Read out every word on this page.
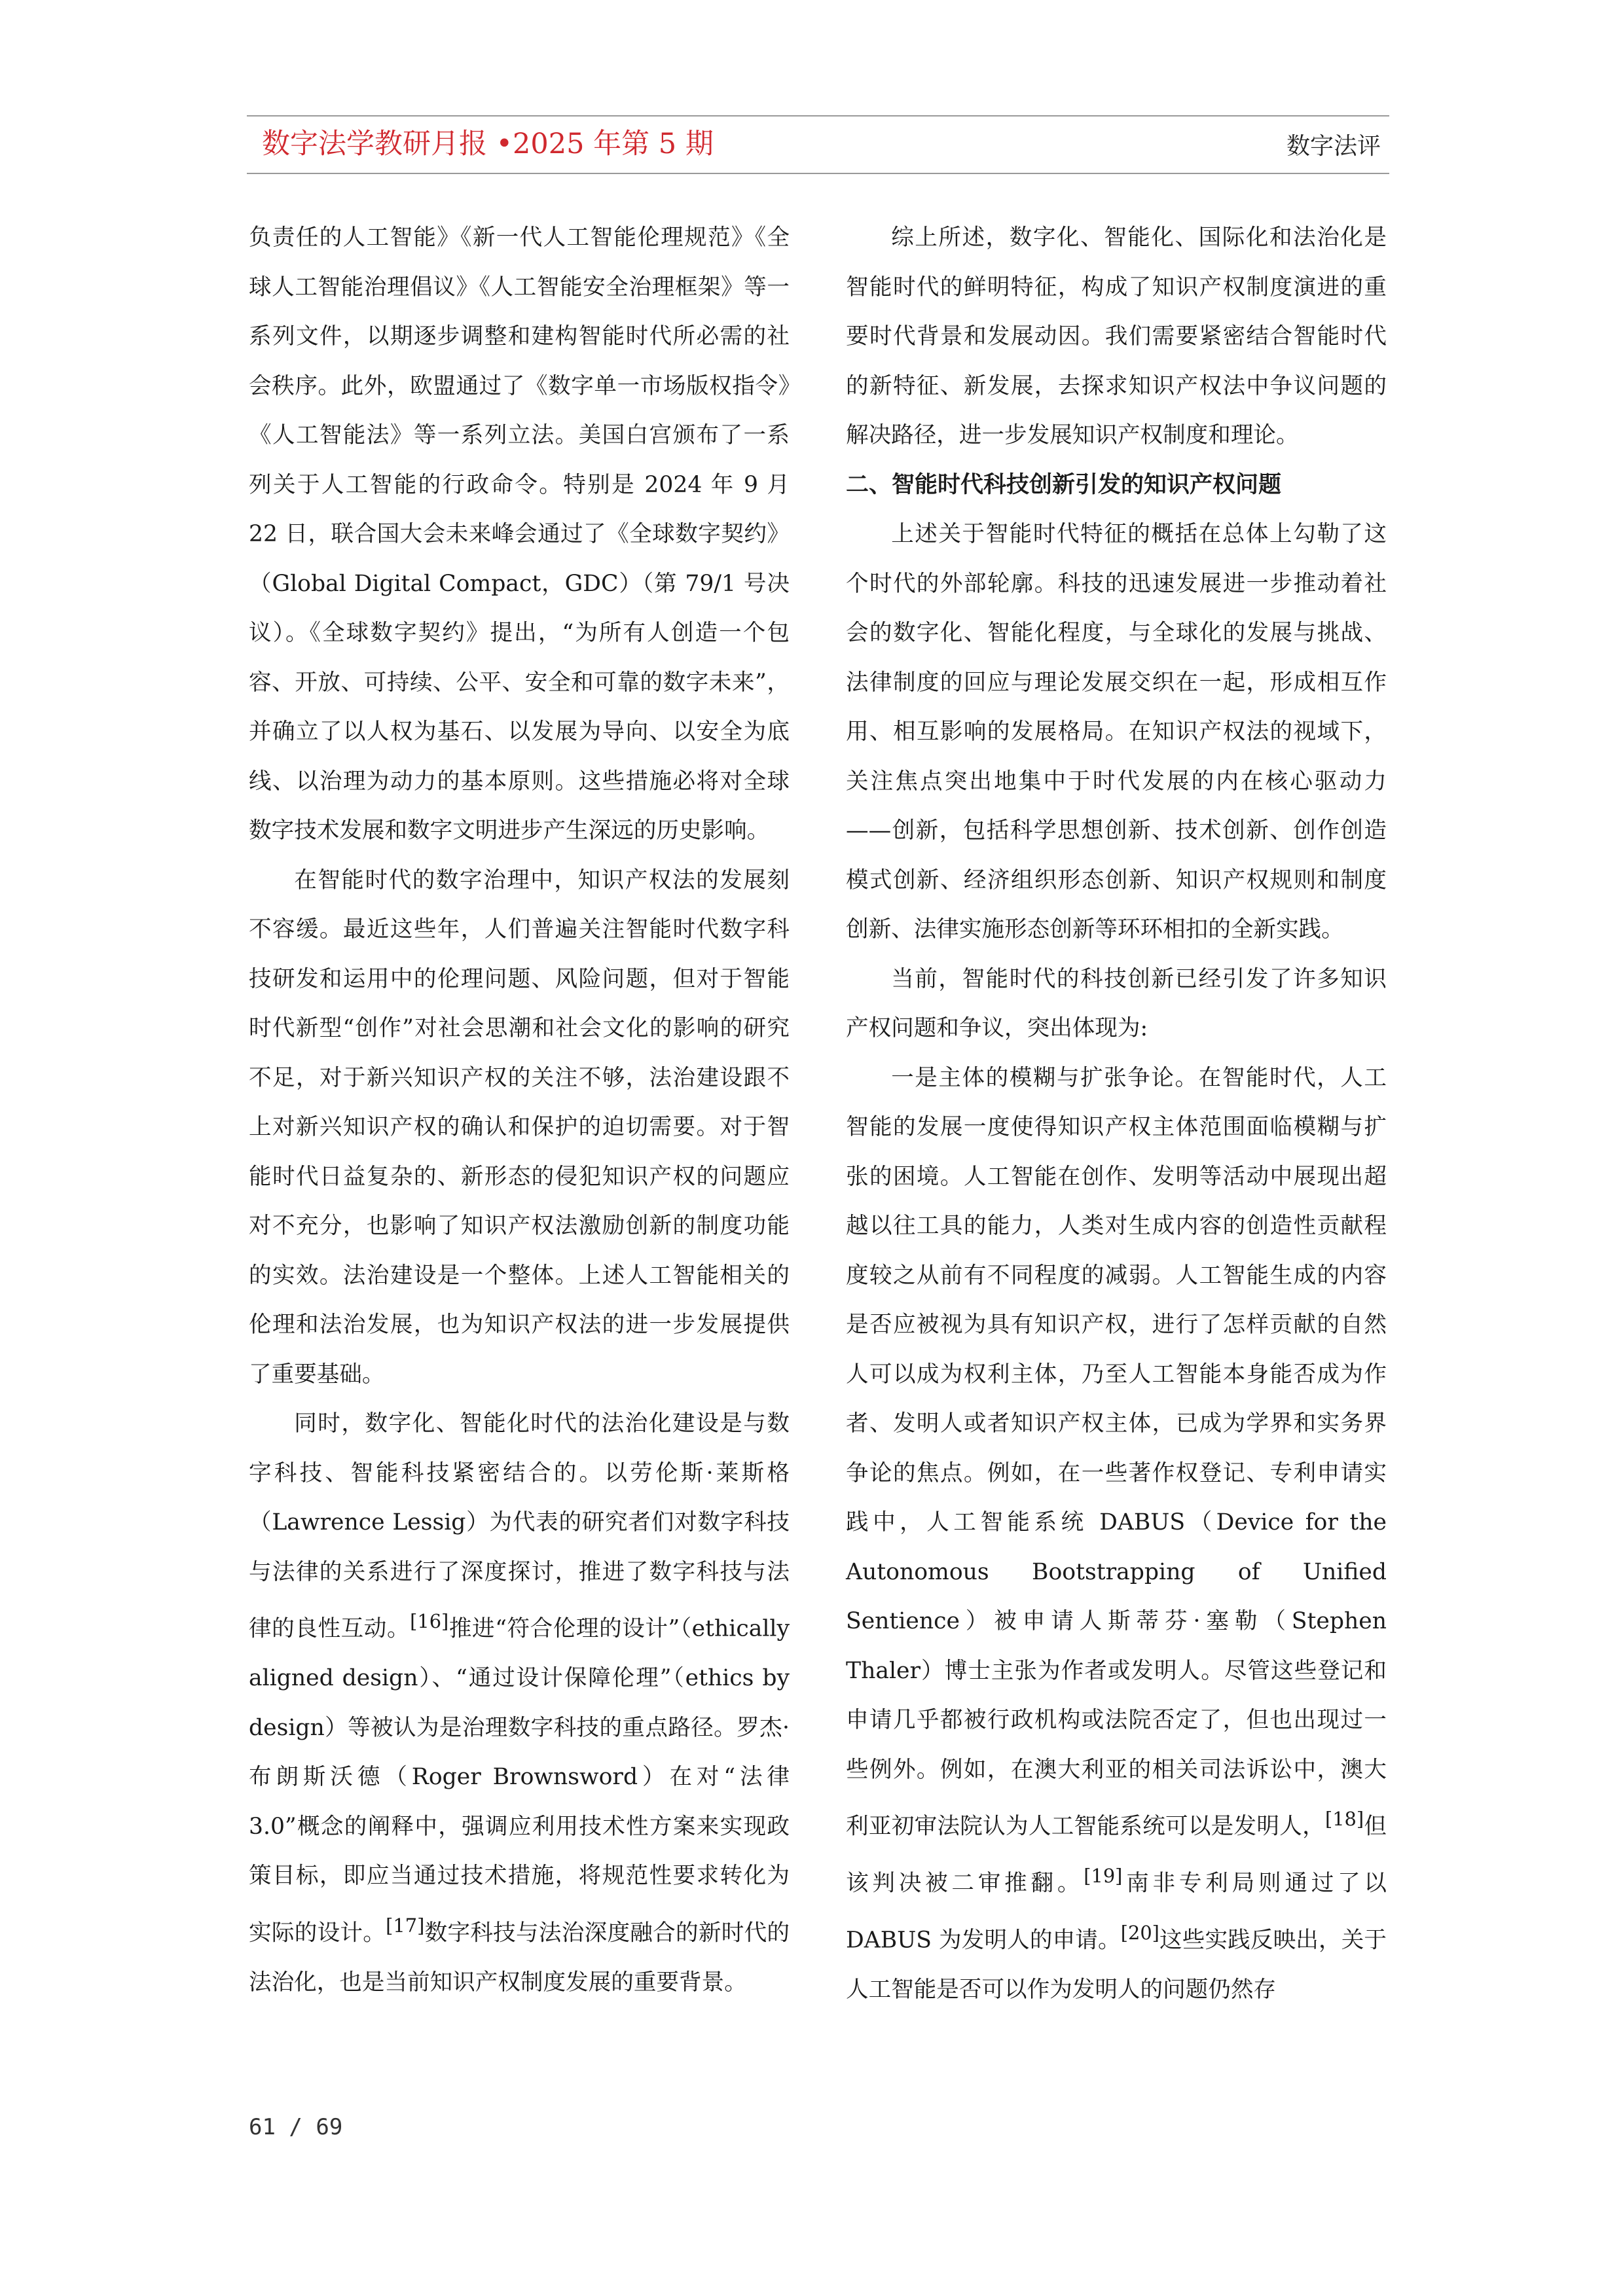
数字法学教研月报 •2025 年第 5 期	数字法评

负责任的人工智能》《新一代人工智能伦理规范》《全球人工智能治理倡议》《人工智能安全治理框架》等一系列文件，以期逐步调整和建构智能时代所必需的社会秩序。此外，欧盟通过了《数字单一市场版权指令》《人工智能法》等一系列立法。美国白宫颁布了一系列关于人工智能的行政命令。特别是 2024 年 9 月 22 日，联合国大会未来峰会通过了《全球数字契约》（Global Digital Compact，GDC）（第 79/1 号决议）。《全球数字契约》提出，“为所有人创造一个包容、开放、可持续、公平、安全和可靠的数字未来”，并确立了以人权为基石、以发展为导向、以安全为底线、以治理为动力的基本原则。这些措施必将对全球数字技术发展和数字文明进步产生深远的历史影响。

在智能时代的数字治理中，知识产权法的发展刻不容缓。最近这些年，人们普遍关注智能时代数字科技研发和运用中的伦理问题、风险问题，但对于智能时代新型“创作”对社会思潮和社会文化的影响的研究不足，对于新兴知识产权的关注不够，法治建设跟不上对新兴知识产权的确认和保护的迫切需要。对于智能时代日益复杂的、新形态的侵犯知识产权的问题应对不充分，也影响了知识产权法激励创新的制度功能的实效。法治建设是一个整体。上述人工智能相关的伦理和法治发展，也为知识产权法的进一步发展提供了重要基础。

同时，数字化、智能化时代的法治化建设是与数字科技、智能科技紧密结合的。以劳伦斯·莱斯格（Lawrence Lessig）为代表的研究者们对数字科技与法律的关系进行了深度探讨，推进了数字科技与法律的良性互动。[16]推进“符合伦理的设计”（ethically aligned design）、“通过设计保障伦理”（ethics by design）等被认为是治理数字科技的重点路径。罗杰·布朗斯沃德（Roger Brownsword）在对“法律 3.0”概念的阐释中，强调应利用技术性方案来实现政策目标，即应当通过技术措施，将规范性要求转化为实际的设计。[17]数字科技与法治深度融合的新时代的法治化，也是当前知识产权制度发展的重要背景。

综上所述，数字化、智能化、国际化和法治化是智能时代的鲜明特征，构成了知识产权制度演进的重要时代背景和发展动因。我们需要紧密结合智能时代的新特征、新发展，去探求知识产权法中争议问题的解决路径，进一步发展知识产权制度和理论。

二、智能时代科技创新引发的知识产权问题

上述关于智能时代特征的概括在总体上勾勒了这个时代的外部轮廓。科技的迅速发展进一步推动着社会的数字化、智能化程度，与全球化的发展与挑战、法律制度的回应与理论发展交织在一起，形成相互作用、相互影响的发展格局。在知识产权法的视域下，关注焦点突出地集中于时代发展的内在核心驱动力——创新，包括科学思想创新、技术创新、创作创造模式创新、经济组织形态创新、知识产权规则和制度创新、法律实施形态创新等环环相扣的全新实践。

当前，智能时代的科技创新已经引发了许多知识产权问题和争议，突出体现为:

一是主体的模糊与扩张争论。在智能时代，人工智能的发展一度使得知识产权主体范围面临模糊与扩张的困境。人工智能在创作、发明等活动中展现出超越以往工具的能力，人类对生成内容的创造性贡献程度较之从前有不同程度的减弱。人工智能生成的内容是否应被视为具有知识产权，进行了怎样贡献的自然人可以成为权利主体，乃至人工智能本身能否成为作者、发明人或者知识产权主体，已成为学界和实务界争论的焦点。例如，在一些著作权登记、专利申请实践中，人工智能系统 DABUS（Device for the Autonomous Bootstrapping of Unified Sentience）被申请人斯蒂芬·塞勒（Stephen Thaler）博士主张为作者或发明人。尽管这些登记和申请几乎都被行政机构或法院否定了，但也出现过一些例外。例如，在澳大利亚的相关司法诉讼中，澳大利亚初审法院认为人工智能系统可以是发明人，[18]但该判决被二审推翻。[19]南非专利局则通过了以 DABUS 为发明人的申请。[20]这些实践反映出，关于人工智能是否可以作为发明人的问题仍然存

61 / 69
